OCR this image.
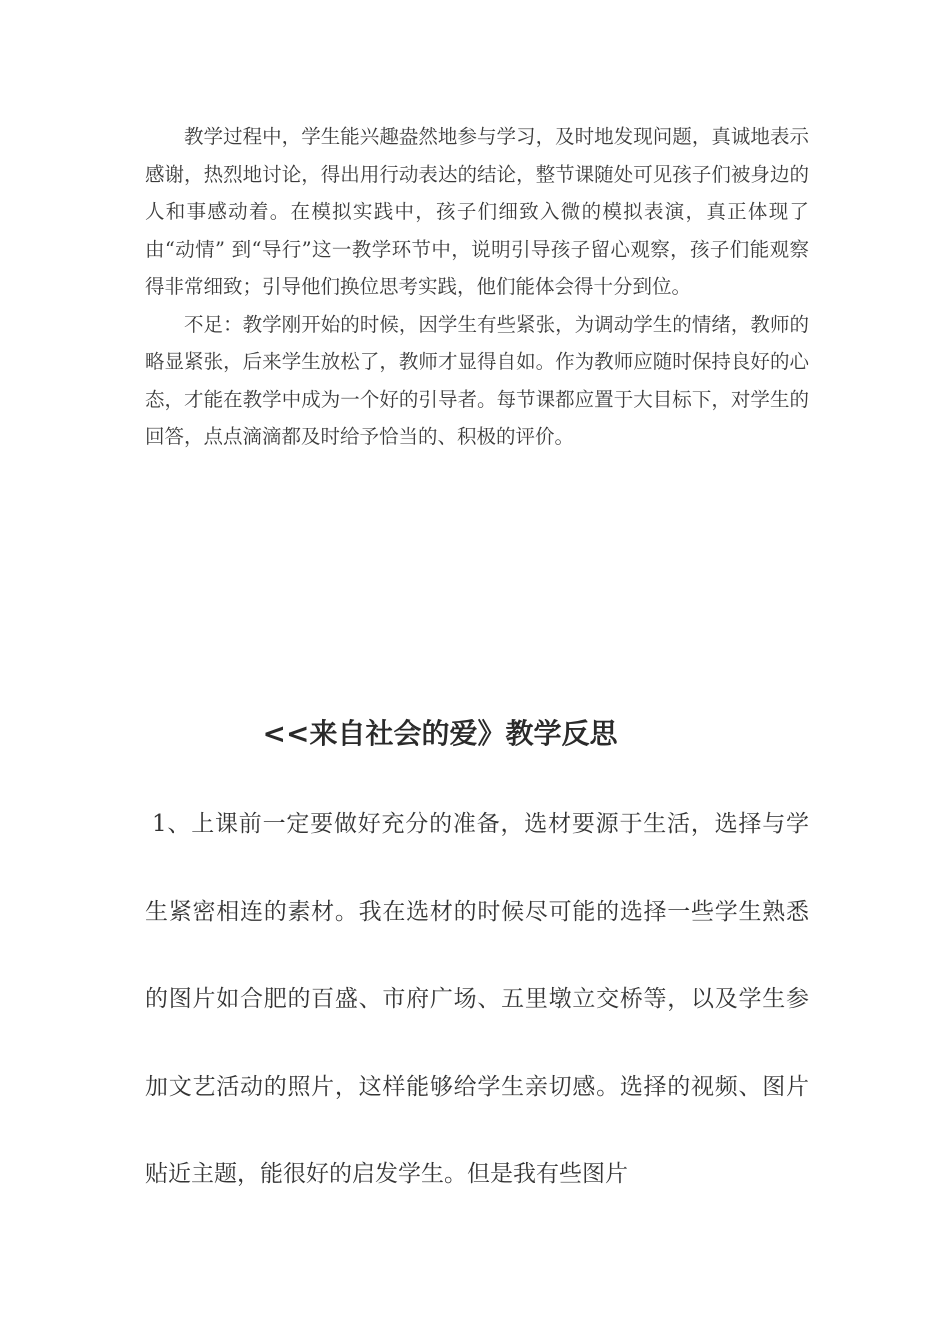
教学过程中，学生能兴趣盎然地参与学习，及时地发现问题，真诚地表示感谢，热烈地讨论，得出用行动表达的结论，整节课随处可见孩子们被身边的人和事感动着。在模拟实践中，孩子们细致入微的模拟表演，真正体现了由“动情” 到“导行”这一教学环节中，说明引导孩子留心观察，孩子们能观察得非常细致；引导他们换位思考实践，他们能体会得十分到位。

不足：教学刚开始的时候，因学生有些紧张，为调动学生的情绪，教师的略显紧张，后来学生放松了，教师才显得自如。作为教师应随时保持良好的心态，才能在教学中成为一个好的引导者。每节课都应置于大目标下，对学生的回答，点点滴滴都及时给予恰当的、积极的评价。

<<来自社会的爱》教学反思

1、上课前一定要做好充分的准备，选材要源于生活，选择与学生紧密相连的素材。我在选材的时候尽可能的选择一些学生熟悉的图片如合肥的百盛、市府广场、五里墩立交桥等，以及学生参加文艺活动的照片，这样能够给学生亲切感。选择的视频、图片贴近主题，能很好的启发学生。但是我有些图片
